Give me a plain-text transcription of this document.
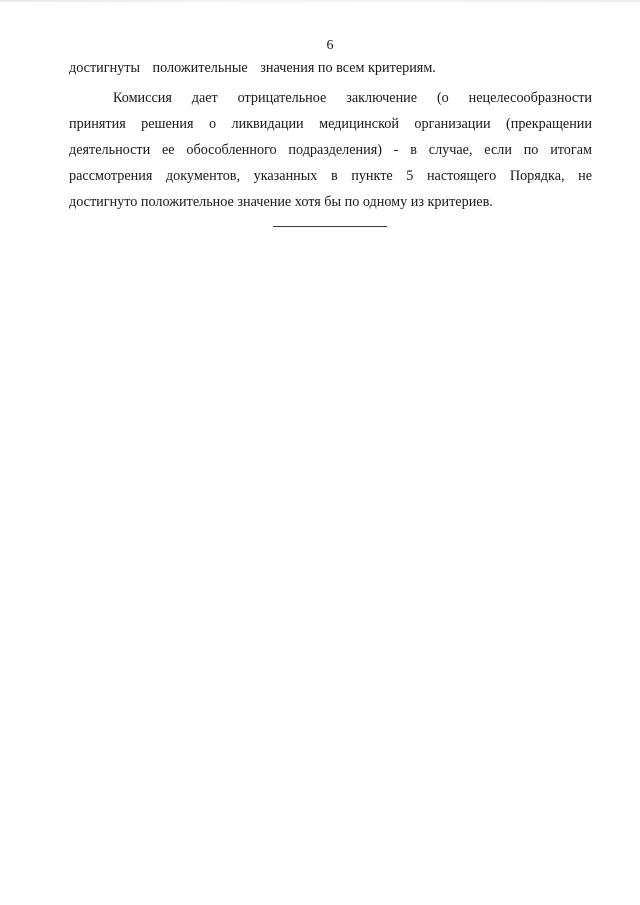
6
достигнуты положительные значения по всем критериям.
Комиссия дает отрицательное заключение (о нецелесообразности
принятия решения о ликвидации медицинской организации (прекращении
деятельности ее обособленного подразделения) - в случае, если по итогам
рассмотрения документов, указанных в пункте 5 настоящего Порядка, не
достигнуто положительное значение хотя бы по одному из критериев.
